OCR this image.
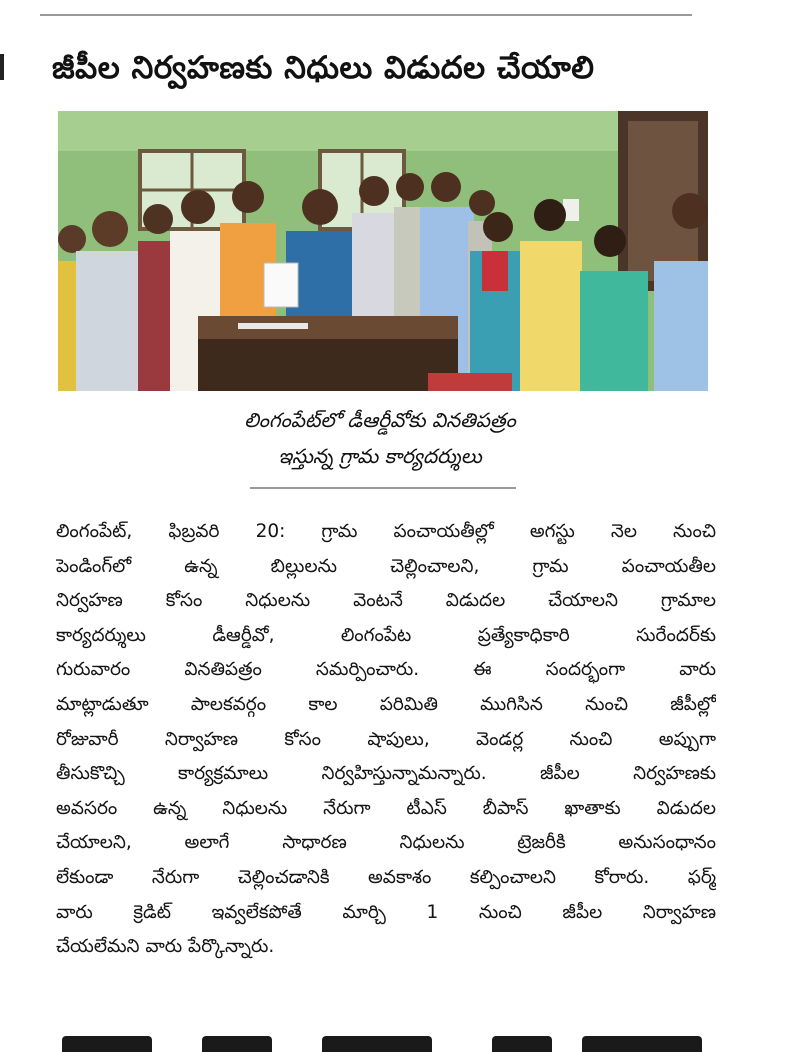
జీపీల నిర్వహణకు నిధులు విడుదల చేయాలి
లింగంపేట్‌లో డీఆర్డీవోకు వినతిపత్రం
ఇస్తున్న గ్రామ కార్యదర్శులు
లింగంపేట్, ఫిబ్రవరి 20: గ్రామ పంచాయతీల్లో అగస్టు నెల నుంచి
పెండింగ్‌లో ఉన్న బిల్లులను చెల్లించాలని, గ్రామ పంచాయతీల
నిర్వహణ కోసం నిధులను వెంటనే విడుదల చేయాలని గ్రామాల
కార్యదర్శులు డీఆర్డీవో, లింగంపేట ప్రత్యేకాధికారి సురేందర్‌కు
గురువారం వినతిపత్రం సమర్పించారు. ఈ సందర్భంగా వారు
మాట్లాడుతూ పాలకవర్గం కాల పరిమితి ముగిసిన నుంచి జీపీల్లో
రోజువారీ నిర్వాహణ కోసం షాపులు, వెండర్ల నుంచి అప్పుగా
తీసుకొచ్చి కార్యక్రమాలు నిర్వహిస్తున్నామన్నారు. జీపీల నిర్వహణకు
అవసరం ఉన్న నిధులను నేరుగా టీఎస్ బీపాస్ ఖాతాకు విడుదల
చేయాలని, అలాగే సాధారణ నిధులను ట్రెజరీకి అనుసంధానం
లేకుండా నేరుగా చెల్లించడానికి అవకాశం కల్పించాలని కోరారు. ఫర్మ్
వారు క్రెడిట్ ఇవ్వలేకపోతే మార్చి 1 నుంచి జీపీల నిర్వాహణ
చేయలేమని వారు పేర్కొన్నారు.
